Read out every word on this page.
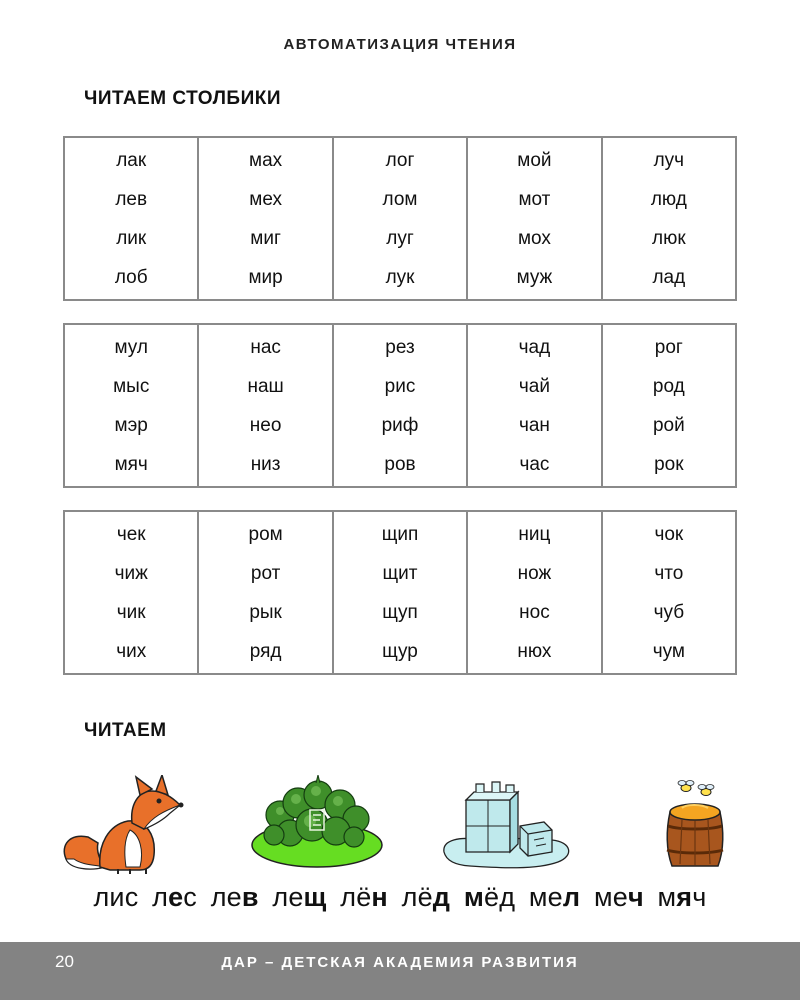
АВТОМАТИЗАЦИЯ ЧТЕНИЯ
ЧИТАЕМ СТОЛБИКИ
лак
лев
лик
лоб
мах
мех
миг
мир
лог
лом
луг
лук
мой
мот
мох
муж
луч
люд
люк
лад
мул
мыс
мэр
мяч
нас
наш
нео
низ
рез
рис
риф
ров
чад
чай
чан
час
рог
род
рой
рок
чек
чиж
чик
чих
ром
рот
рык
ряд
щип
щит
щуп
щур
ниц
нож
нос
нюх
чок
что
чуб
чум
ЧИТАЕМ
лис лес лев лещ лён лёд мёд мел меч мяч
20	ДАР – ДЕТСКАЯ АКАДЕМИЯ РАЗВИТИЯ
